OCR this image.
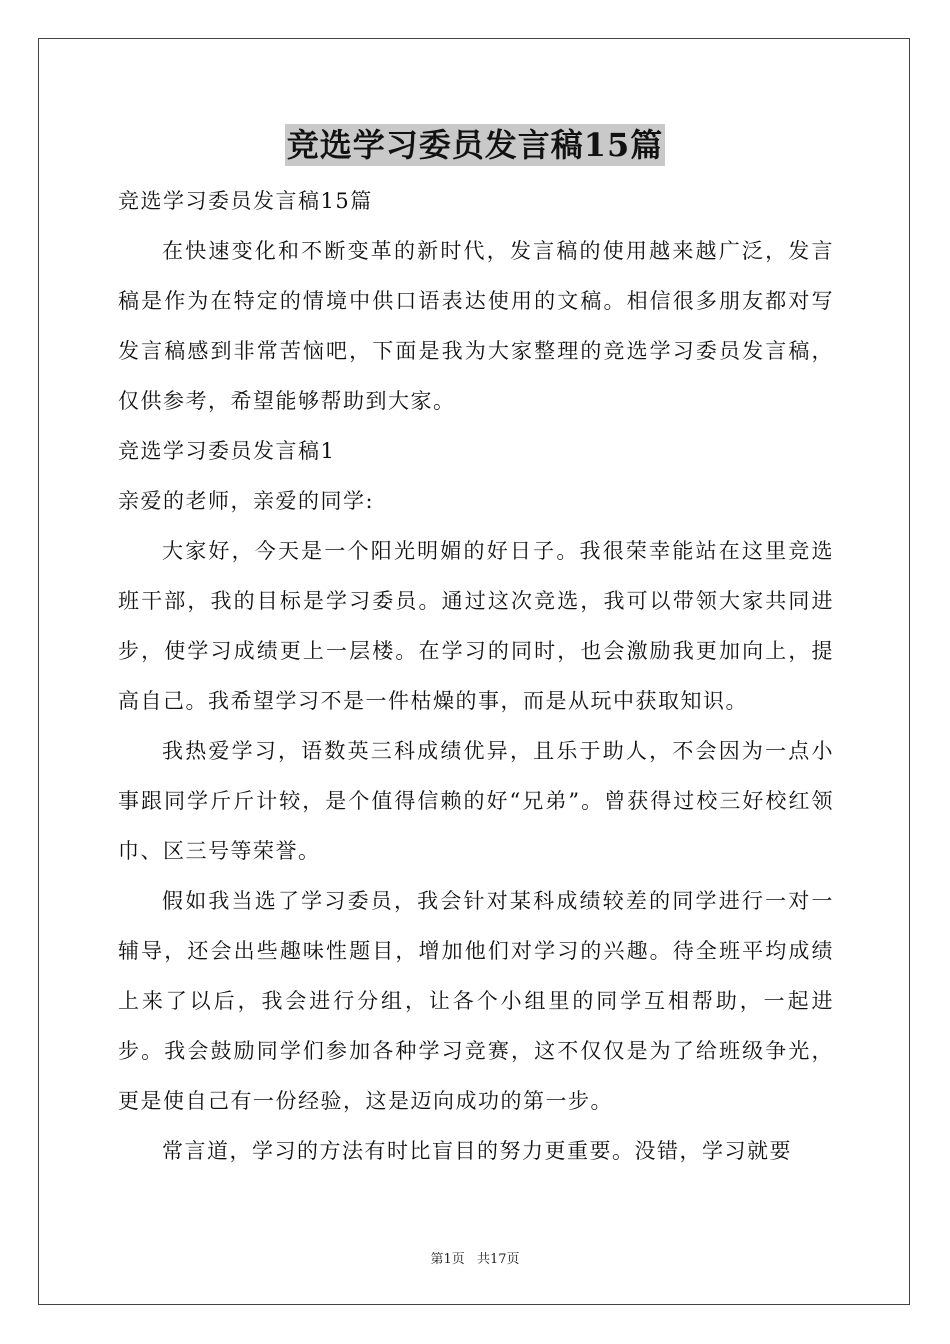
竞选学习委员发言稿15篇
竞选学习委员发言稿15篇

在快速变化和不断变革的新时代，发言稿的使用越来越广泛，发言稿是作为在特定的情境中供口语表达使用的文稿。相信很多朋友都对写发言稿感到非常苦恼吧，下面是我为大家整理的竞选学习委员发言稿，仅供参考，希望能够帮助到大家。

竞选学习委员发言稿1
亲爱的老师，亲爱的同学:

大家好，今天是一个阳光明媚的好日子。我很荣幸能站在这里竞选班干部，我的目标是学习委员。通过这次竞选，我可以带领大家共同进步，使学习成绩更上一层楼。在学习的同时，也会激励我更加向上，提高自己。我希望学习不是一件枯燥的事，而是从玩中获取知识。

我热爱学习，语数英三科成绩优异，且乐于助人，不会因为一点小事跟同学斤斤计较，是个值得信赖的好“兄弟”。曾获得过校三好校红领巾、区三号等荣誉。

假如我当选了学习委员，我会针对某科成绩较差的同学进行一对一辅导，还会出些趣味性题目，增加他们对学习的兴趣。待全班平均成绩上来了以后，我会进行分组，让各个小组里的同学互相帮助，一起进步。我会鼓励同学们参加各种学习竞赛，这不仅仅是为了给班级争光，更是使自己有一份经验，这是迈向成功的第一步。

常言道，学习的方法有时比盲目的努力更重要。没错，学习就要

第1页 共17页
